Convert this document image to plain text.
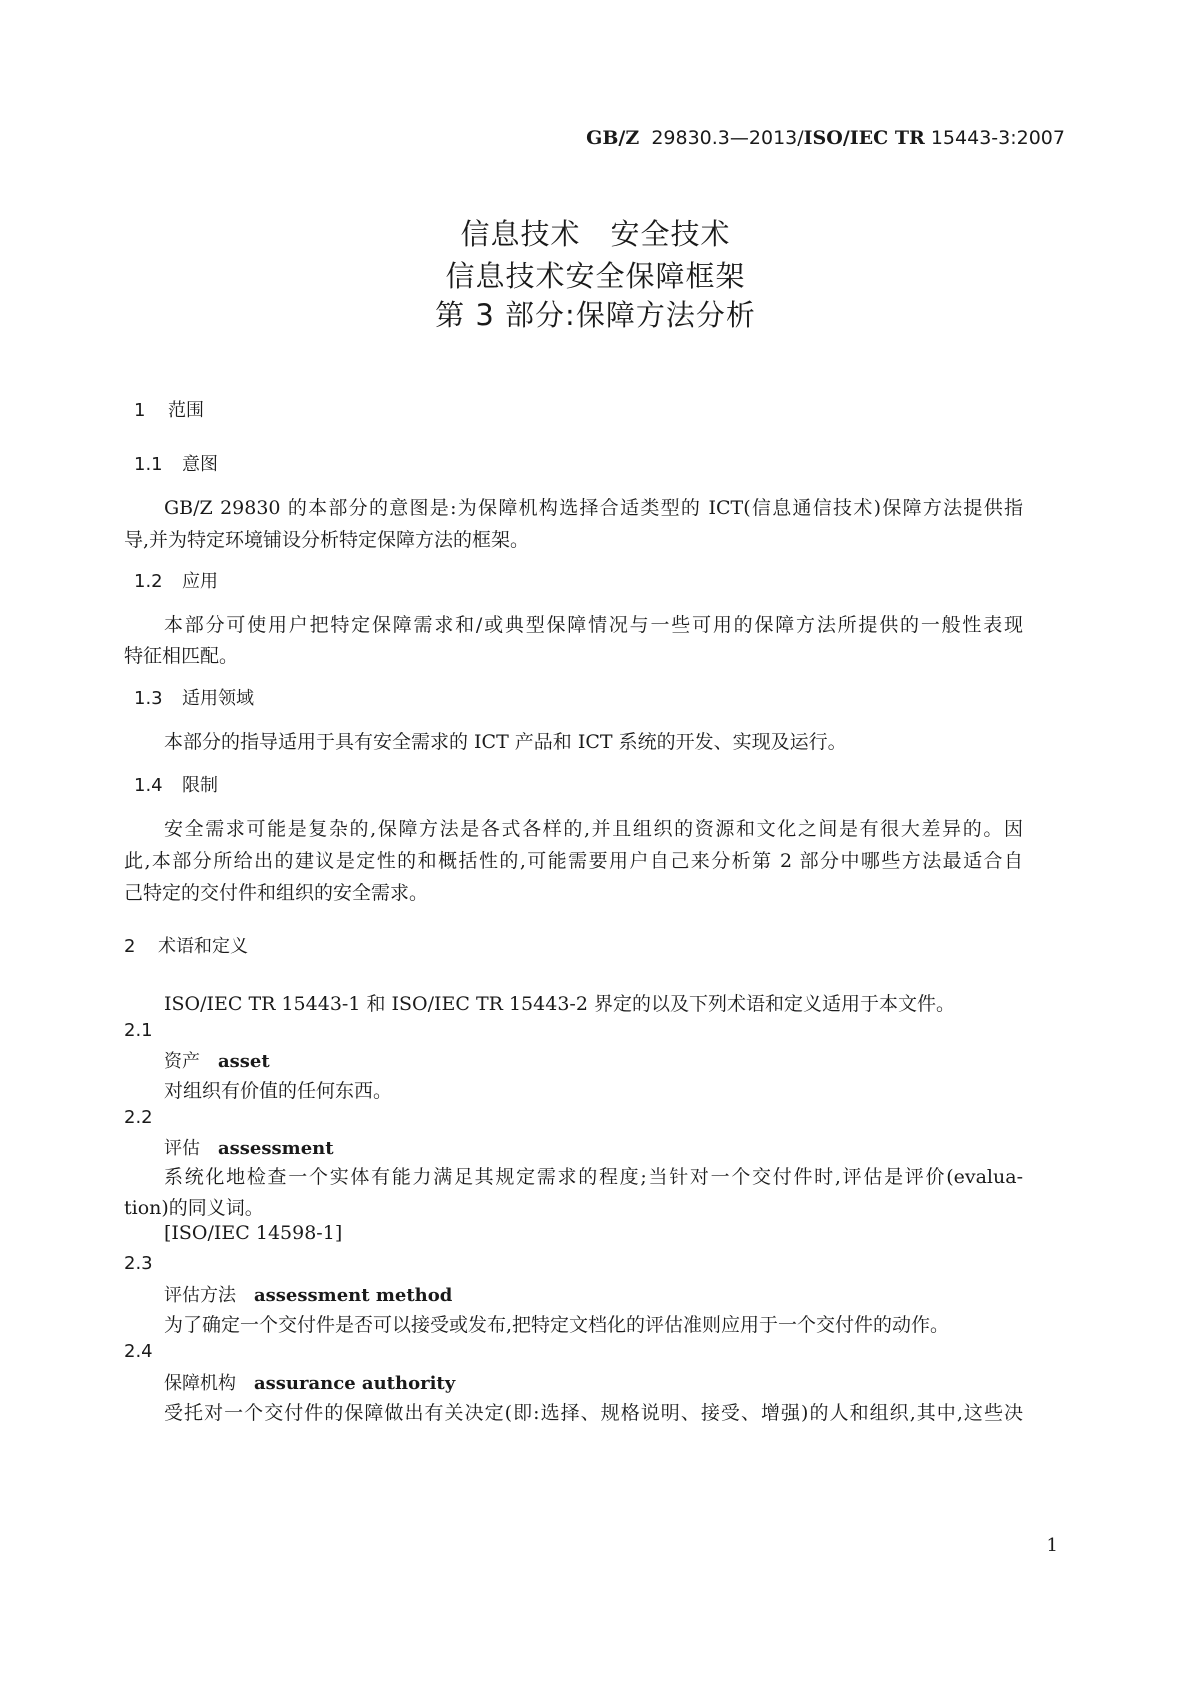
GB/Z 29830.3—2013/ISO/IEC TR 15443-3:2007
信息技术　安全技术
信息技术安全保障框架
第 3 部分:保障方法分析
1 范围
1.1 意图
GB/Z 29830 的本部分的意图是:为保障机构选择合适类型的 ICT(信息通信技术)保障方法提供指
导,并为特定环境铺设分析特定保障方法的框架。
1.2 应用
本部分可使用户把特定保障需求和/或典型保障情况与一些可用的保障方法所提供的一般性表现
特征相匹配。
1.3 适用领域
本部分的指导适用于具有安全需求的 ICT 产品和 ICT 系统的开发、实现及运行。
1.4 限制
安全需求可能是复杂的,保障方法是各式各样的,并且组织的资源和文化之间是有很大差异的。因
此,本部分所给出的建议是定性的和概括性的,可能需要用户自己来分析第 2 部分中哪些方法最适合自
己特定的交付件和组织的安全需求。
2 术语和定义
ISO/IEC TR 15443-1 和 ISO/IEC TR 15443-2 界定的以及下列术语和定义适用于本文件。
2.1
资产 asset
对组织有价值的任何东西。
2.2
评估 assessment
系统化地检查一个实体有能力满足其规定需求的程度;当针对一个交付件时,评估是评价(evalua-
tion)的同义词。
[ISO/IEC 14598-1]
2.3
评估方法 assessment method
为了确定一个交付件是否可以接受或发布,把特定文档化的评估准则应用于一个交付件的动作。
2.4
保障机构 assurance authority
受托对一个交付件的保障做出有关决定(即:选择、规格说明、接受、增强)的人和组织,其中,这些决
1
